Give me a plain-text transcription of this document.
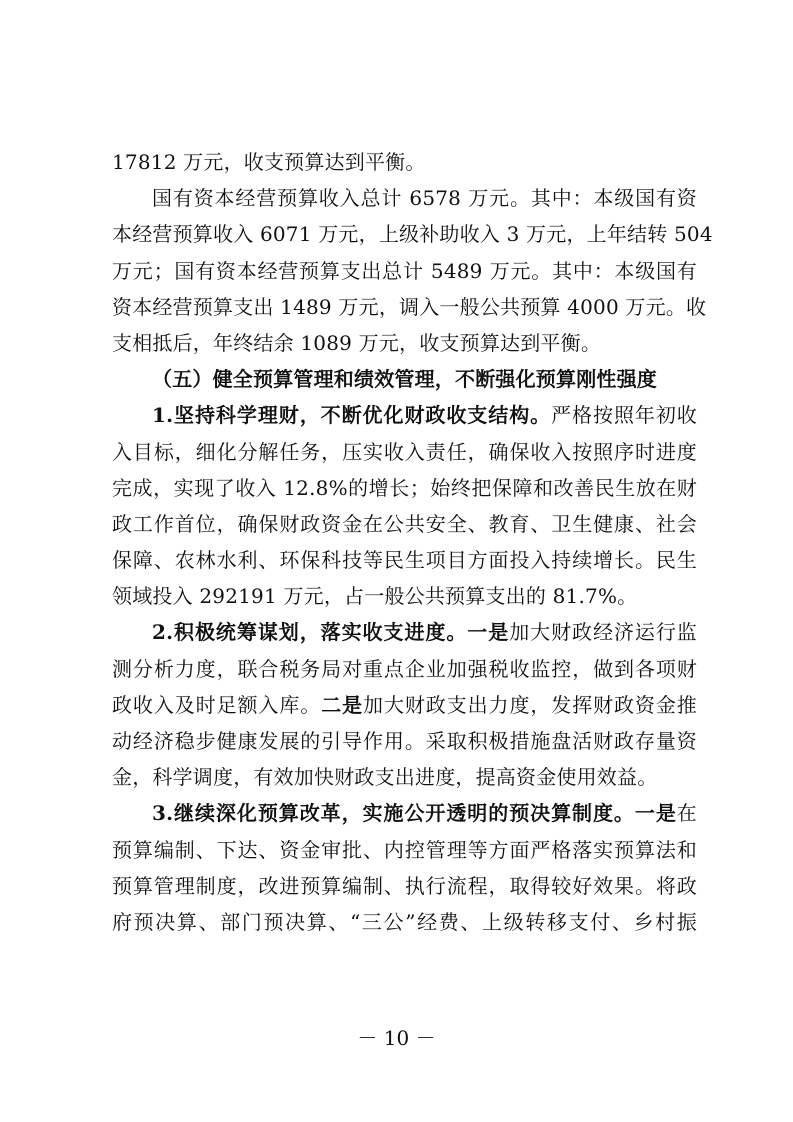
17812 万元，收支预算达到平衡。
国有资本经营预算收入总计 6578 万元。其中：本级国有资
本经营预算收入 6071 万元，上级补助收入 3 万元，上年结转 504
万元；国有资本经营预算支出总计 5489 万元。其中：本级国有
资本经营预算支出 1489 万元，调入一般公共预算 4000 万元。收
支相抵后，年终结余 1089 万元，收支预算达到平衡。
（五）健全预算管理和绩效管理，不断强化预算刚性强度
1.坚持科学理财，不断优化财政收支结构。严格按照年初收
入目标，细化分解任务，压实收入责任，确保收入按照序时进度
完成，实现了收入 12.8%的增长；始终把保障和改善民生放在财
政工作首位，确保财政资金在公共安全、教育、卫生健康、社会
保障、农林水利、环保科技等民生项目方面投入持续增长。民生
领域投入 292191 万元，占一般公共预算支出的 81.7%。
2.积极统筹谋划，落实收支进度。一是加大财政经济运行监
测分析力度，联合税务局对重点企业加强税收监控，做到各项财
政收入及时足额入库。二是加大财政支出力度，发挥财政资金推
动经济稳步健康发展的引导作用。采取积极措施盘活财政存量资
金，科学调度，有效加快财政支出进度，提高资金使用效益。
3.继续深化预算改革，实施公开透明的预决算制度。一是在
预算编制、下达、资金审批、内控管理等方面严格落实预算法和
预算管理制度，改进预算编制、执行流程，取得较好效果。将政
府预决算、部门预决算、“三公”经费、上级转移支付、乡村振
－ 10 －
